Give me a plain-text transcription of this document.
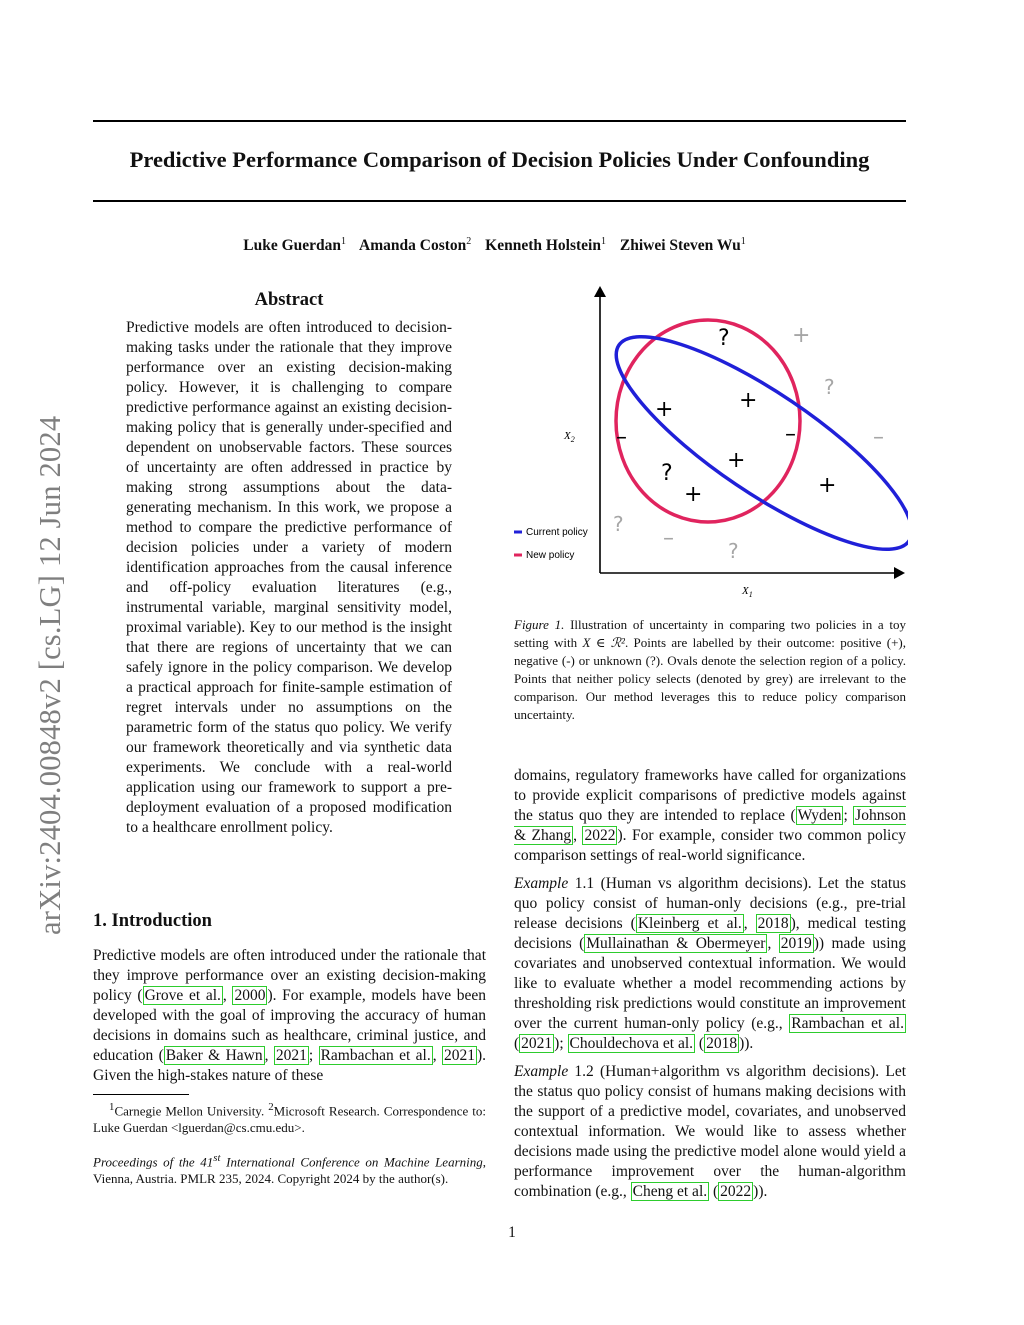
Predictive Performance Comparison of Decision Policies Under Confounding
Luke Guerdan$^1$ Amanda Coston$^2$ Kenneth Holstein$^1$ Zhiwei Steven Wu$^1$
arXiv:2404.00848v2 [cs.LG] 12 Jun 2024
Abstract
Predictive models are often introduced to decision-making tasks under the rationale that they improve performance over an existing decision-making policy. However, it is challenging to compare predictive performance against an existing decision-making policy that is generally under-specified and dependent on unobservable factors. These sources of uncertainty are often addressed in practice by making strong assumptions about the data-generating mechanism. In this work, we propose a method to compare the predictive performance of decision policies under a variety of modern identification approaches from the causal inference and off-policy evaluation literatures (e.g., instrumental variable, marginal sensitivity model, proximal variable). Key to our method is the insight that there are regions of uncertainty that we can safely ignore in the policy comparison. We develop a practical approach for finite-sample estimation of regret intervals under no assumptions on the parametric form of the status quo policy. We verify our framework theoretically and via synthetic data experiments. We conclude with a real-world application using our framework to support a pre-deployment evaluation of a proposed modification to a healthcare enrollment policy.
1. Introduction
Predictive models are often introduced under the rationale that they improve performance over an existing decision-making policy ( Grove et al. , 2000 ). For example, models have been developed with the goal of improving the accuracy of human decisions in domains such as healthcare, criminal justice, and education ( Baker & Hawn , 2021 ; Rambachan et al. , 2021 ). Given the high-stakes nature of these
$^1$Carnegie Mellon University. $^2$Microsoft Research. Correspondence to: Luke Guerdan <lguerdan@cs.cmu.edu>.
Proceedings of the 41st International Conference on Machine Learning, Vienna, Austria. PMLR 235, 2024. Copyright 2024 by the author(s).
$X_2$
$X_1$
?
+	+
–	–
+
?
+	+
+
?
–
?
–	?
Current policy
New policy
Figure 1. Illustration of uncertainty in comparing two policies in a toy setting with X ∈ ℛ². Points are labelled by their outcome: positive (+), negative (-) or unknown (?). Ovals denote the selection region of a policy. Points that neither policy selects (denoted by grey) are irrelevant to the comparison. Our method leverages this to reduce policy comparison uncertainty.

domains, regulatory frameworks have called for organizations to provide explicit comparisons of predictive models against the status quo they are intended to replace ( Wyden ; Johnson & Zhang , 2022 ). For example, consider two common policy comparison settings of real-world significance.

Example 1.1 (Human vs algorithm decisions). Let the status quo policy consist of human-only decisions (e.g., pre-trial release decisions ( Kleinberg et al. , 2018 ), medical testing decisions ( Mullainathan & Obermeyer , 2019 )) made using covariates and unobserved contextual information. We would like to evaluate whether a model recommending actions by thresholding risk predictions would constitute an improvement over the current human-only policy (e.g., Rambachan et al. ( 2021 ); Chouldechova et al. ( 2018 )).

Example 1.2 (Human+algorithm vs algorithm decisions). Let the status quo policy consist of humans making decisions with the support of a predictive model, covariates, and unobserved contextual information. We would like to assess whether decisions made using the predictive model alone would yield a performance improvement over the human-algorithm combination (e.g., Cheng et al. ( 2022 )).

1
